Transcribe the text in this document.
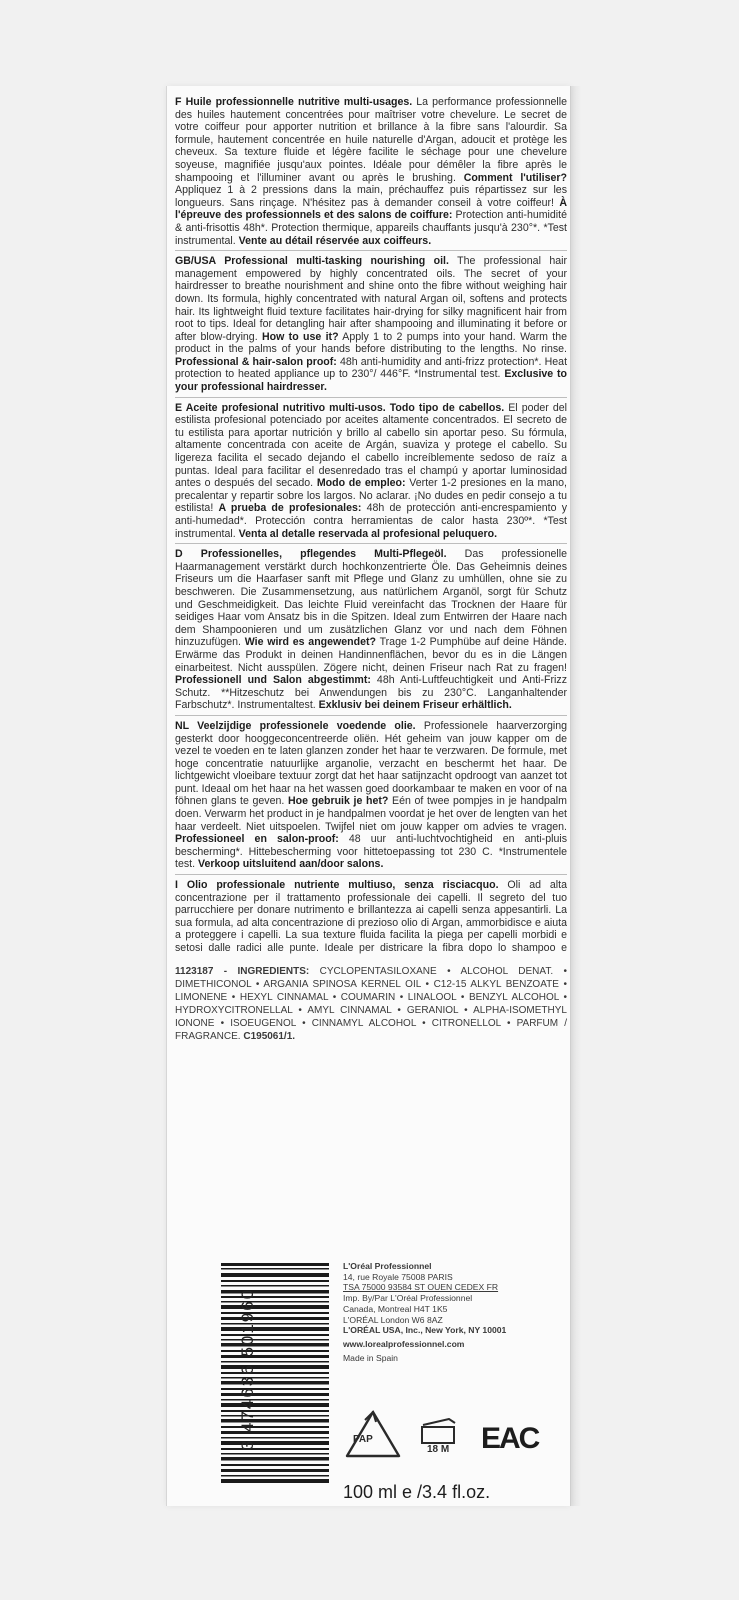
F Huile professionnelle nutritive multi-usages. La performance professionnelle des huiles hautement concentrées pour maîtriser votre chevelure. Le secret de votre coiffeur pour apporter nutrition et brillance à la fibre sans l'alourdir. Sa formule, hautement concentrée en huile naturelle d'Argan, adoucit et protège les cheveux. Sa texture fluide et légère facilite le séchage pour une chevelure soyeuse, magnifiée jusqu'aux pointes. Idéale pour démêler la fibre après le shampooing et l'illuminer avant ou après le brushing. Comment l'utiliser? Appliquez 1 à 2 pressions dans la main, préchauffez puis répartissez sur les longueurs. Sans rinçage. N'hésitez pas à demander conseil à votre coiffeur! À l'épreuve des professionnels et des salons de coiffure: Protection anti-humidité & anti-frisottis 48h*. Protection thermique, appareils chauffants jusqu'à 230°*. *Test instrumental. Vente au détail réservée aux coiffeurs.

GB/USA Professional multi-tasking nourishing oil. The professional hair management empowered by highly concentrated oils. The secret of your hairdresser to breathe nourishment and shine onto the fibre without weighing hair down. Its formula, highly concentrated with natural Argan oil, softens and protects hair. Its lightweight fluid texture facilitates hair-drying for silky magnificent hair from root to tips. Ideal for detangling hair after shampooing and illuminating it before or after blow-drying. How to use it? Apply 1 to 2 pumps into your hand. Warm the product in the palms of your hands before distributing to the lengths. No rinse. Professional & hair-salon proof: 48h anti-humidity and anti-frizz protection*. Heat protection to heated appliance up to 230°/ 446°F. *Instrumental test. Exclusive to your professional hairdresser.

E Aceite profesional nutritivo multi-usos. Todo tipo de cabellos. El poder del estilista profesional potenciado por aceites altamente concentrados. El secreto de tu estilista para aportar nutrición y brillo al cabello sin aportar peso. Su fórmula, altamente concentrada con aceite de Argán, suaviza y protege el cabello. Su ligereza facilita el secado dejando el cabello increíblemente sedoso de raíz a puntas. Ideal para facilitar el desenredado tras el champú y aportar luminosidad antes o después del secado. Modo de empleo: Verter 1-2 presiones en la mano, precalentar y repartir sobre los largos. No aclarar. ¡No dudes en pedir consejo a tu estilista! A prueba de profesionales: 48h de protección anti-encrespamiento y anti-humedad*. Protección contra herramientas de calor hasta 230º*. *Test instrumental. Venta al detalle reservada al profesional peluquero.

D Professionelles, pflegendes Multi-Pflegeöl. Das professionelle Haarmanagement verstärkt durch hochkonzentrierte Öle. Das Geheimnis deines Friseurs um die Haarfaser sanft mit Pflege und Glanz zu umhüllen, ohne sie zu beschweren. Die Zusammensetzung, aus natürlichem Arganöl, sorgt für Schutz und Geschmeidigkeit. Das leichte Fluid vereinfacht das Trocknen der Haare für seidiges Haar vom Ansatz bis in die Spitzen. Ideal zum Entwirren der Haare nach dem Shampoonieren und um zusätzlichen Glanz vor und nach dem Föhnen hinzuzufügen. Wie wird es angewendet? Trage 1-2 Pumphübe auf deine Hände. Erwärme das Produkt in deinen Handinnenflächen, bevor du es in die Längen einarbeitest. Nicht ausspülen. Zögere nicht, deinen Friseur nach Rat zu fragen! Professionell und Salon abgestimmt: 48h Anti-Luftfeuchtigkeit und Anti-Frizz Schutz. **Hitzeschutz bei Anwendungen bis zu 230°C. Langanhaltender Farbschutz*. Instrumentaltest. Exklusiv bei deinem Friseur erhältlich.

NL Veelzijdige professionele voedende olie. Professionele haarverzorging gesterkt door hooggeconcentreerde oliën. Hét geheim van jouw kapper om de vezel te voeden en te laten glanzen zonder het haar te verzwaren. De formule, met hoge concentratie natuurlijke arganolie, verzacht en beschermt het haar. De lichtgewicht vloeibare textuur zorgt dat het haar satijnzacht opdroogt van aanzet tot punt. Ideaal om het haar na het wassen goed doorkambaar te maken en voor of na föhnen glans te geven. Hoe gebruik je het? Eén of twee pompjes in je handpalm doen. Verwarm het product in je handpalmen voordat je het over de lengten van het haar verdeelt. Niet uitspoelen. Twijfel niet om jouw kapper om advies te vragen. Professioneel en salon-proof: 48 uur anti-luchtvochtigheid en anti-pluis bescherming*. Hittebescherming voor hittetoepassing tot 230 C. *Instrumentele test. Verkoop uitsluitend aan/door salons.

I Olio professionale nutriente multiuso, senza risciacquo. Oli ad alta concentrazione per il trattamento professionale dei capelli. Il segreto del tuo parrucchiere per donare nutrimento e brillantezza ai capelli senza appesantirli. La sua formula, ad alta concentrazione di prezioso olio di Argan, ammorbidisce e aiuta a proteggere i capelli. La sua texture fluida facilita la piega per capelli morbidi e setosi dalle radici alle punte. Ideale per districare la fibra dopo lo shampoo e

1123187 - INGREDIENTS: CYCLOPENTASILOXANE • ALCOHOL DENAT. • DIMETHICONOL • ARGANIA SPINOSA KERNEL OIL • C12-15 ALKYL BENZOATE • LIMONENE • HEXYL CINNAMAL • COUMARIN • LINALOOL • BENZYL ALCOHOL • HYDROXYCITRONELLAL • AMYL CINNAMAL • GERANIOL • ALPHA-ISOMETHYL IONONE • ISOEUGENOL • CINNAMYL ALCOHOL • CITRONELLOL • PARFUM / FRAGRANCE. C195061/1.

3 474636 501960
L'Oréal Professionnel
14, rue Royale 75008 PARIS
TSA 75000 93584 ST OUEN CEDEX FR
Imp. By/Par L'Oréal Professionnel
Canada, Montreal H4T 1K5
L'ORÉAL London W6 8AZ
L'ORÉAL USA, Inc., New York, NY 10001
www.lorealprofessionnel.com
Made in Spain
PAP
18 M EAC
100 ml e /3.4 fl.oz.
